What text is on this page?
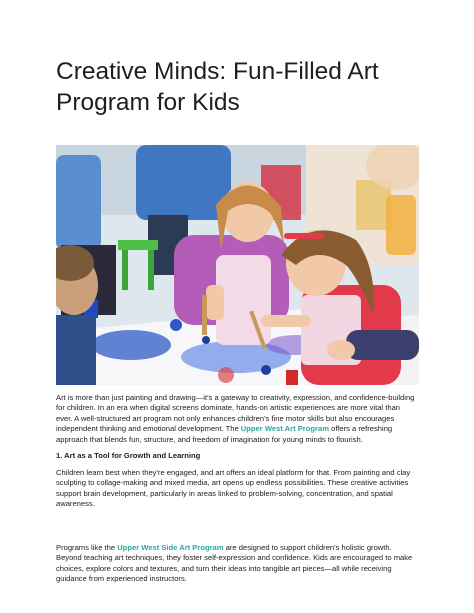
Creative Minds: Fun-Filled Art Program for Kids

Art is more than just painting and drawing—it's a gateway to creativity, expression, and confidence-building for children. In an era when digital screens dominate, hands-on artistic experiences are more vital than ever. A well-structured art program not only enhances children's fine motor skills but also encourages independent thinking and emotional development. The Upper West Art Program offers a refreshing approach that blends fun, structure, and freedom of imagination for young minds to flourish.

1. Art as a Tool for Growth and Learning

Children learn best when they're engaged, and art offers an ideal platform for that. From painting and clay sculpting to collage-making and mixed media, art opens up endless possibilities. These creative activities support brain development, particularly in areas linked to problem-solving, concentration, and spatial awareness.

Programs like the Upper West Side Art Program are designed to support children's holistic growth. Beyond teaching art techniques, they foster self-expression and confidence. Kids are encouraged to make choices, explore colors and textures, and turn their ideas into tangible art pieces—all while receiving guidance from experienced instructors.
